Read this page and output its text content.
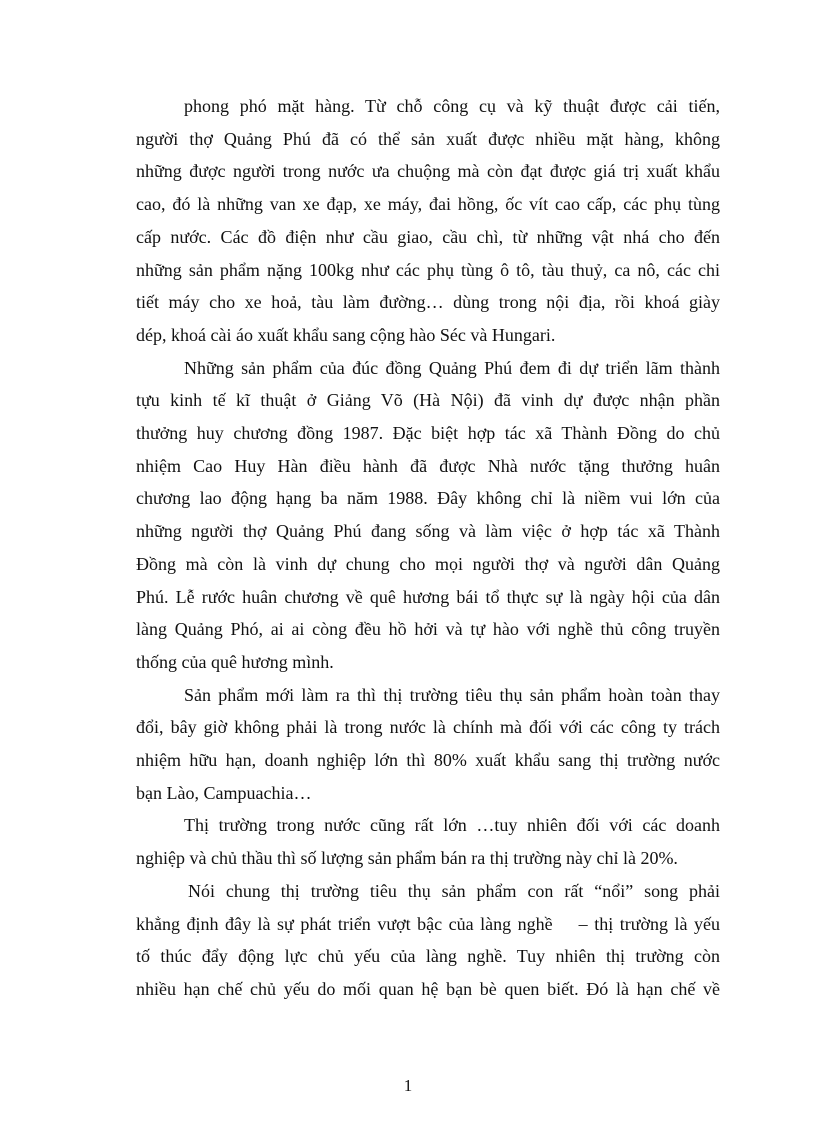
phong phó mặt hàng. Từ chỗ công cụ và kỹ thuật được cải tiến,
người thợ Quảng Phú đã có thể sản xuất được nhiều mặt hàng, không
những được người trong nước ưa chuộng mà còn đạt được giá trị xuất khẩu
cao, đó là những van xe đạp, xe máy, đai hồng, ốc vít cao cấp, các phụ tùng
cấp nước. Các đồ điện như cầu giao, cầu chì, từ những vật nhá cho đến
những sản phẩm nặng 100kg như các phụ tùng ô tô, tàu thuỷ, ca nô, các chi
tiết máy cho xe hoả, tàu làm đường… dùng trong nội địa, rồi khoá giày
dép, khoá cài áo xuất khẩu sang cộng hào Séc và Hungari.

Những sản phẩm của đúc đồng Quảng Phú đem đi dự triển lãm thành
tựu kinh tế kĩ thuật ở Giảng Võ (Hà Nội) đã vinh dự được nhận phần
thưởng huy chương đồng 1987. Đặc biệt hợp tác xã Thành Đồng do chủ
nhiệm Cao Huy Hàn điều hành đã được Nhà nước tặng thưởng huân
chương lao động hạng ba năm 1988. Đây không chỉ là niềm vui lớn của
những người thợ Quảng Phú đang sống và làm việc ở hợp tác xã Thành
Đồng mà còn là vinh dự chung cho mọi người thợ và người dân Quảng
Phú. Lễ rước huân chương về quê hương bái tổ thực sự là ngày hội của dân
làng Quảng Phó, ai ai còng đều hồ hởi và tự hào với nghề thủ công truyền
thống của quê hương mình.

Sản phẩm mới làm ra thì thị trường tiêu thụ sản phẩm hoàn toàn thay
đổi, bây giờ không phải là trong nước là chính mà đối với các công ty trách
nhiệm hữu hạn, doanh nghiệp lớn thì 80% xuất khẩu sang thị trường nước
bạn Lào, Campuachia…

Thị trường trong nước cũng rất lớn …tuy nhiên đối với các doanh
nghiệp và chủ thầu thì số lượng sản phẩm bán ra thị trường này chỉ là 20%.

Nói chung thị trường tiêu thụ sản phẩm con rất “nổi” song phải
khẳng định đây là sự phát triển vượt bậc của làng nghề    – thị trường là yếu
tố thúc đẩy động lực chủ yếu của làng nghề. Tuy nhiên thị trường còn
nhiều hạn chế chủ yếu do mối quan hệ bạn bè quen biết. Đó là hạn chế về

1
